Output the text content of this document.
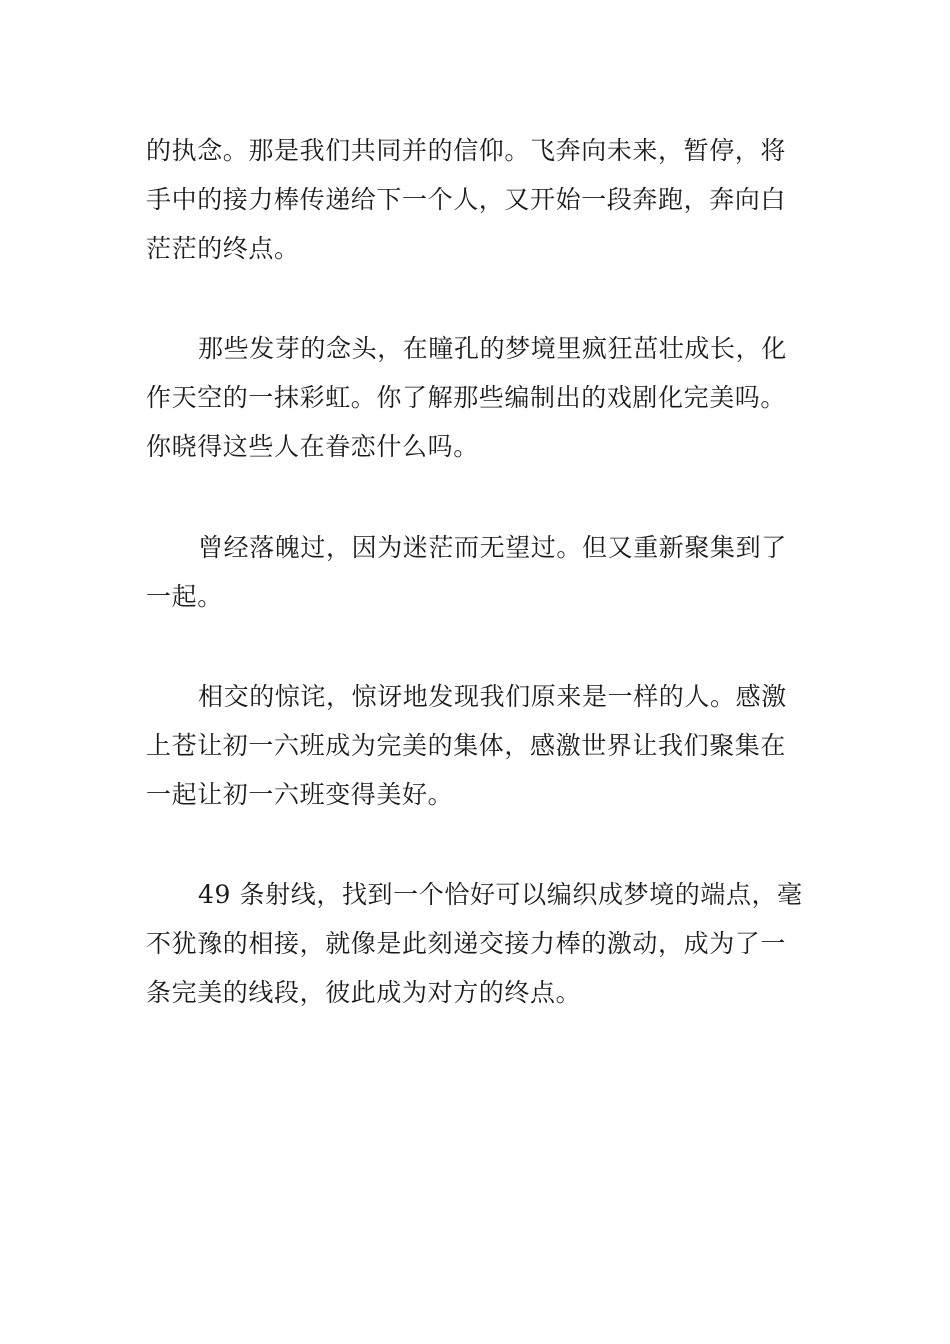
的执念。那是我们共同并的信仰。飞奔向未来，暂停，将
手中的接力棒传递给下一个人，又开始一段奔跑，奔向白
茫茫的终点。
那些发芽的念头，在瞳孔的梦境里疯狂茁壮成长，化
作天空的一抹彩虹。你了解那些编制出的戏剧化完美吗。
你晓得这些人在眷恋什么吗。
曾经落魄过，因为迷茫而无望过。但又重新聚集到了
一起。
相交的惊诧，惊讶地发现我们原来是一样的人。感激
上苍让初一六班成为完美的集体，感激世界让我们聚集在
一起让初一六班变得美好。
49 条射线，找到一个恰好可以编织成梦境的端点，毫
不犹豫的相接，就像是此刻递交接力棒的激动，成为了一
条完美的线段，彼此成为对方的终点。
